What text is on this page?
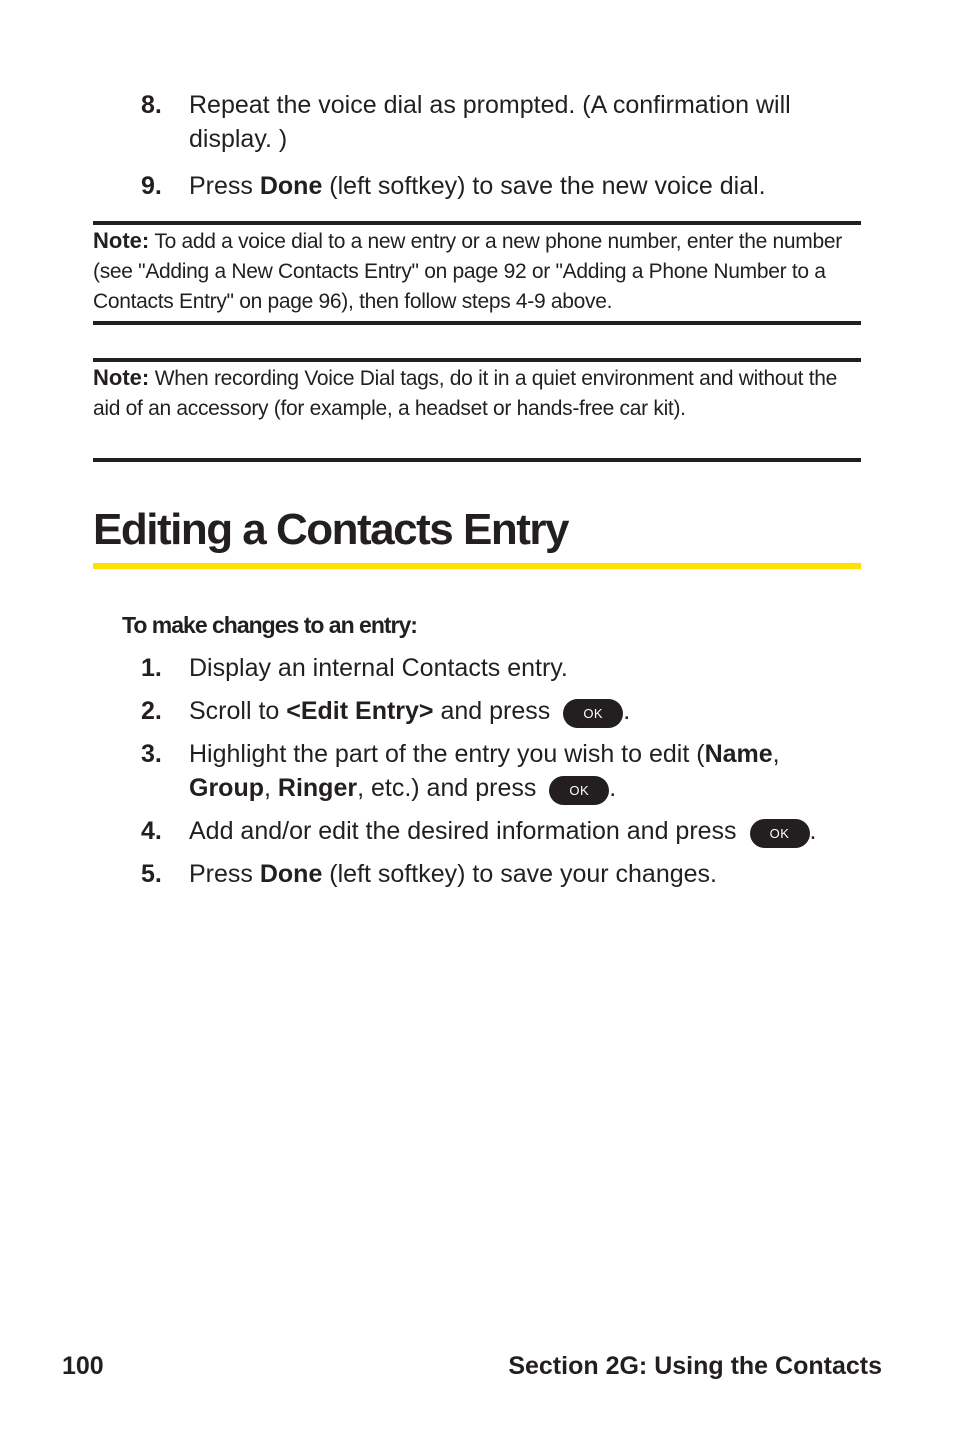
8.	Repeat the voice dial as prompted. (A confirmation will display. )
9.	Press Done (left softkey) to save the new voice dial.
Note: To add a voice dial to a new entry or a new phone number, enter the number (see "Adding a New Contacts Entry" on page 92 or "Adding a Phone Number to a Contacts Entry" on page 96), then follow steps 4-9 above.
Note: When recording Voice Dial tags, do it in a quiet environment and without the aid of an accessory (for example, a headset or hands-free car kit).
Editing a Contacts Entry
To make changes to an entry:
1.	Display an internal Contacts entry.
2.	Scroll to <Edit Entry> and press OK .
3.	Highlight the part of the entry you wish to edit (Name, Group, Ringer, etc.) and press OK .
4.	Add and/or edit the desired information and press OK .
5.	Press Done (left softkey) to save your changes.
100	Section 2G: Using the Contacts
